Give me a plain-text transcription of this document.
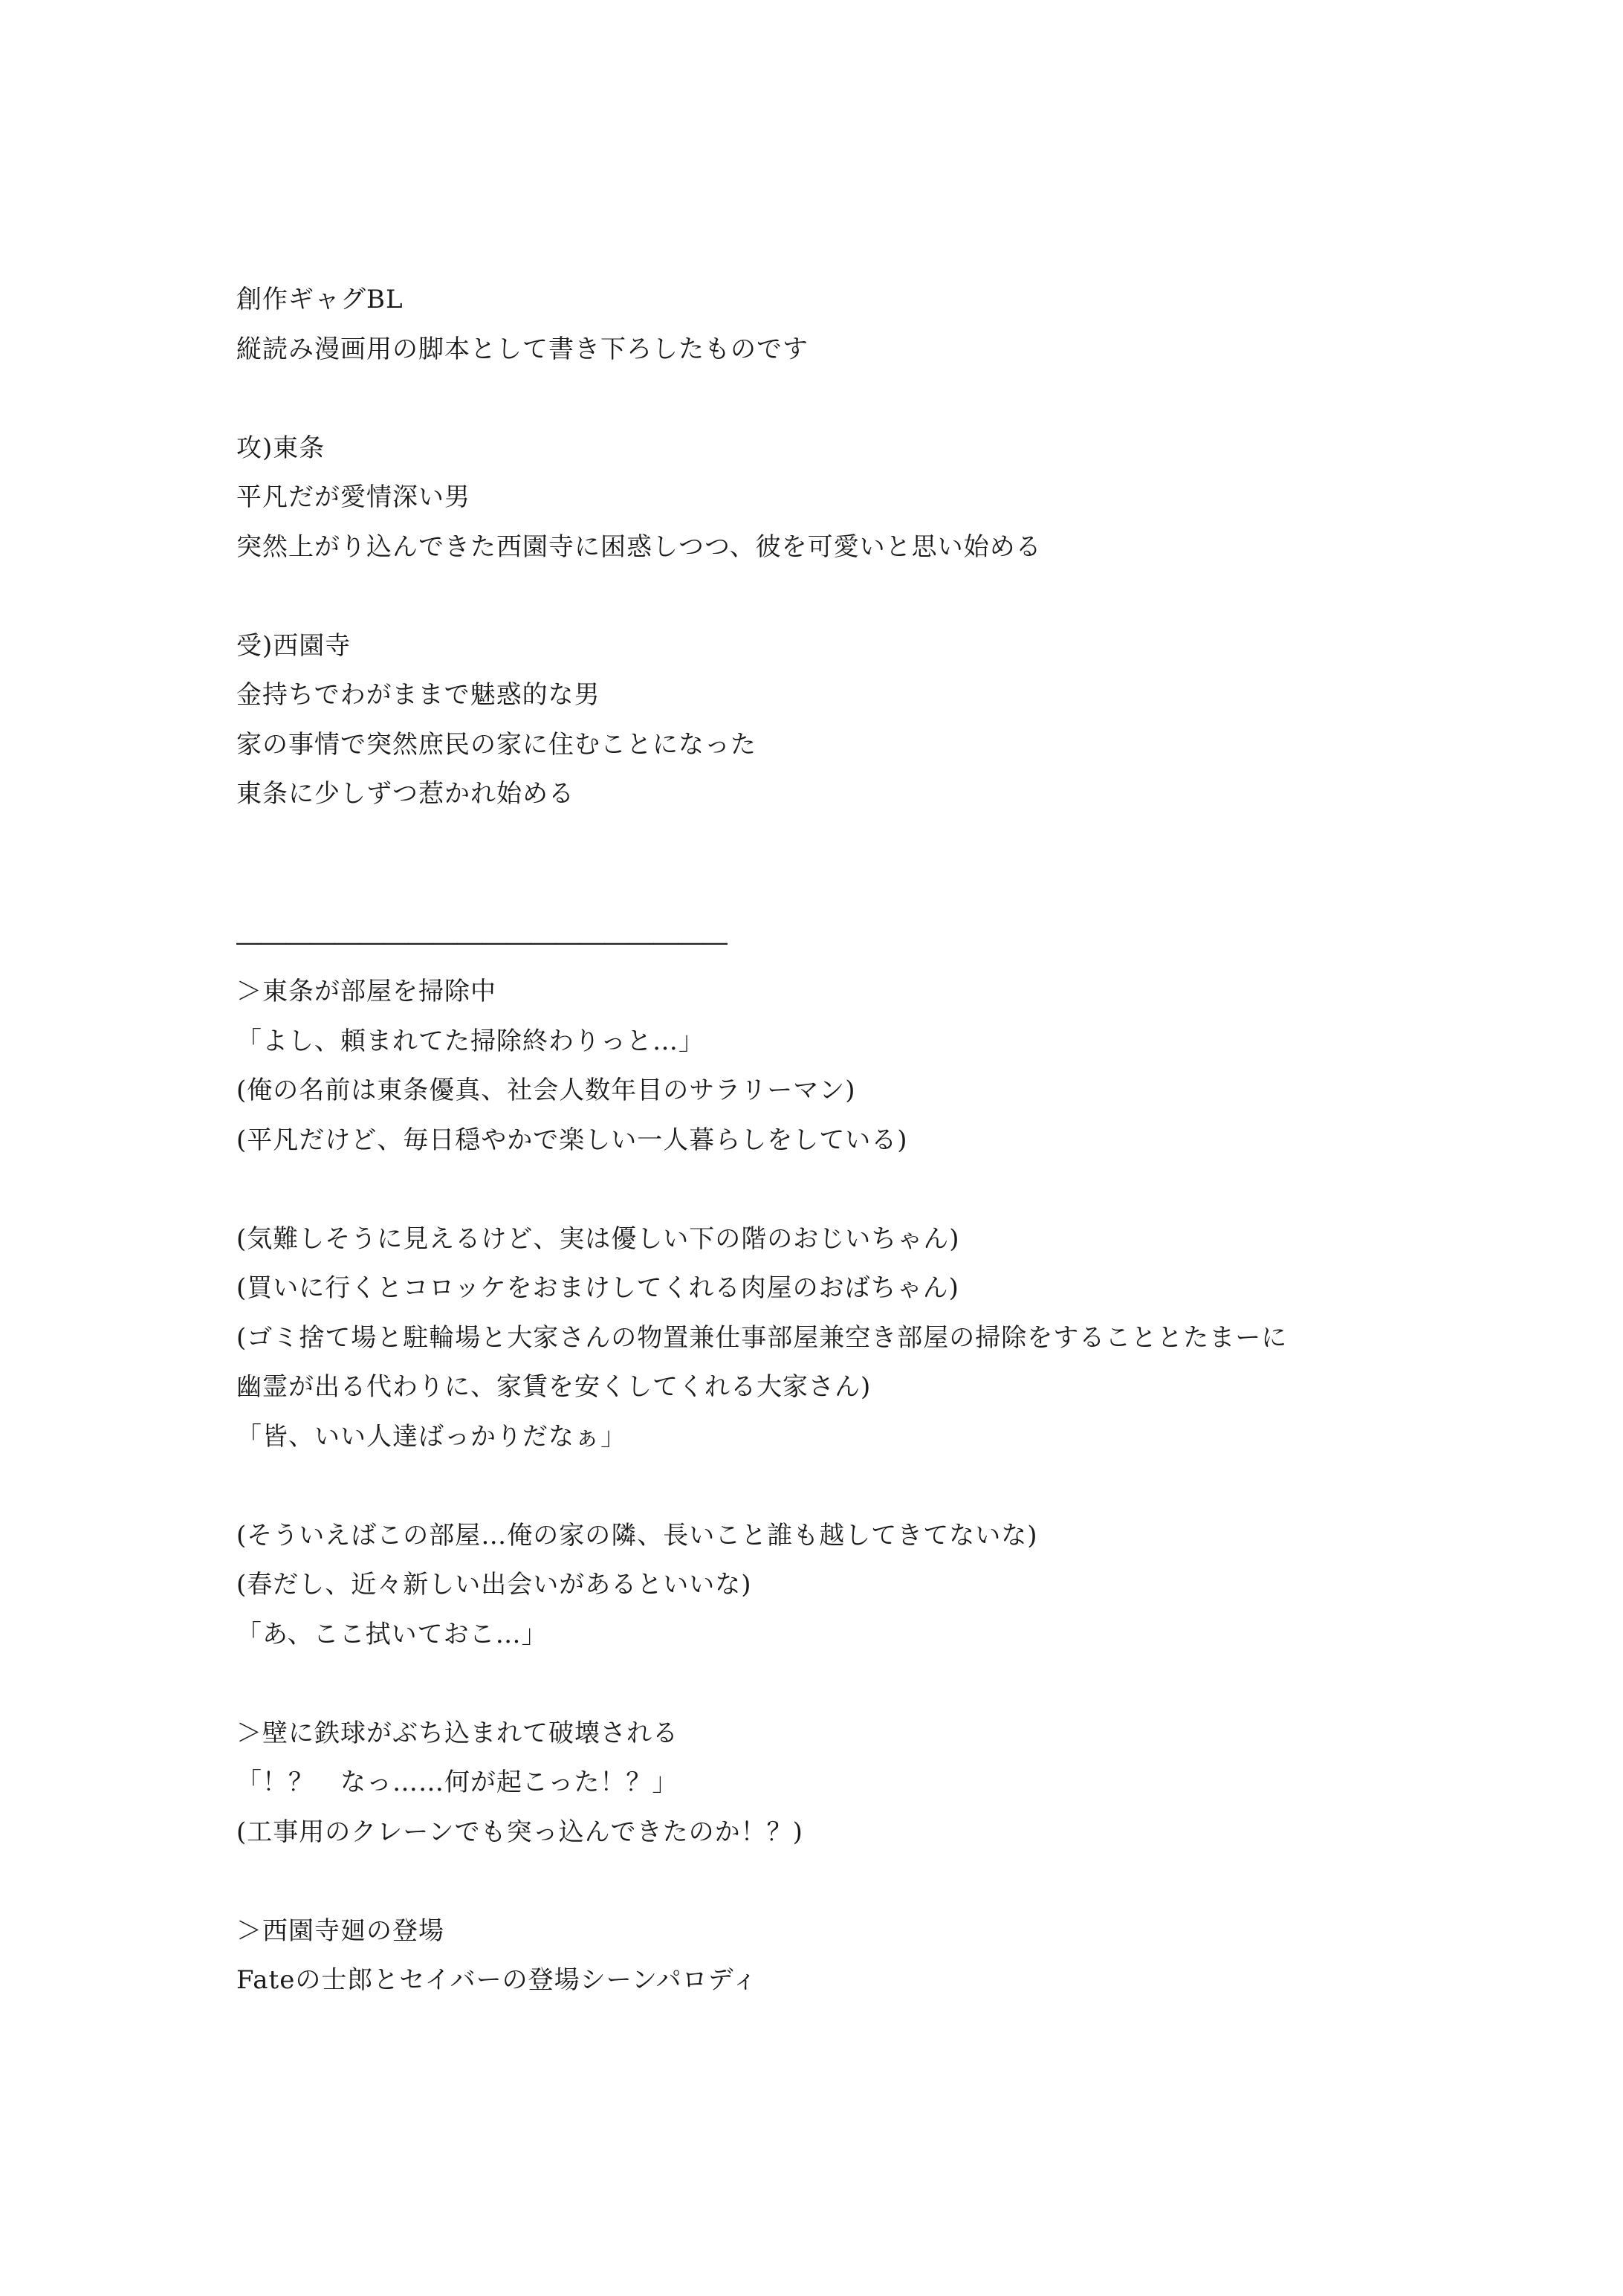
創作ギャグBL
縦読み漫画用の脚本として書き下ろしたものです
攻)東条
平凡だが愛情深い男
突然上がり込んできた西園寺に困惑しつつ、彼を可愛いと思い始める
受)西園寺
金持ちでわがままで魅惑的な男
家の事情で突然庶民の家に住むことになった
東条に少しずつ惹かれ始める
――――――――――――――――――――
＞東条が部屋を掃除中
「よし、頼まれてた掃除終わりっと…」
(俺の名前は東条優真、社会人数年目のサラリーマン)
(平凡だけど、毎日穏やかで楽しい一人暮らしをしている)
(気難しそうに見えるけど、実は優しい下の階のおじいちゃん)
(買いに行くとコロッケをおまけしてくれる肉屋のおばちゃん)
(ゴミ捨て場と駐輪場と大家さんの物置兼仕事部屋兼空き部屋の掃除をすることとたまーに
幽霊が出る代わりに、家賃を安くしてくれる大家さん)
「皆、いい人達ばっかりだなぁ」
(そういえばこの部屋…俺の家の隣、長いこと誰も越してきてないな)
(春だし、近々新しい出会いがあるといいな)
「あ、ここ拭いておこ…」
＞壁に鉄球がぶち込まれて破壊される
「！？　なっ……何が起こった！？」
(工事用のクレーンでも突っ込んできたのか！？)
＞西園寺廻の登場
Fateの士郎とセイバーの登場シーンパロディ
